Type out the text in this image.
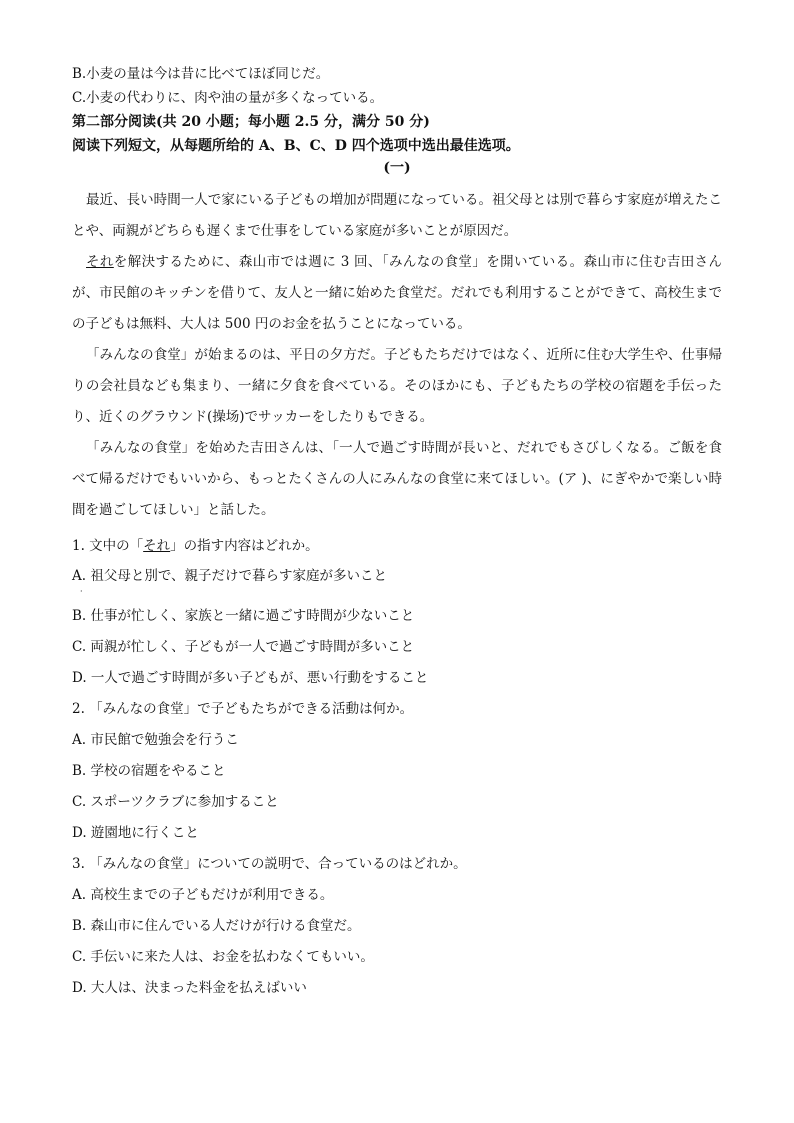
B.小麦の量は今は昔に比べてほぼ同じだ。
C.小麦の代わりに、肉や油の量が多くなっている。
第二部分阅读(共 20 小题；每小题 2.5 分，满分 50 分)
阅读下列短文，从每题所给的 A、B、C、D 四个选项中选出最佳选项。
(一)

最近、長い時間一人で家にいる子どもの増加が問題になっている。祖父母とは別で暮らす家庭が増えたことや、両親がどちらも遅くまで仕事をしている家庭が多いことが原因だ。

それを解決するために、森山市では週に 3 回、「みんなの食堂」を開いている。森山市に住む吉田さんが、市民館のキッチンを借りて、友人と一緒に始めた食堂だ。だれでも利用することができて、高校生までの子どもは無料、大人は 500 円のお金を払うことになっている。

「みんなの食堂」が始まるのは、平日の夕方だ。子どもたちだけではなく、近所に住む大学生や、仕事帰りの会社員なども集まり、一緒に夕食を食べている。そのほかにも、子どもたちの学校の宿題を手伝ったり、近くのグラウンド(操场)でサッカーをしたりもできる。

「みんなの食堂」を始めた吉田さんは、「一人で過ごす時間が長いと、だれでもさびしくなる。ご飯を食べて帰るだけでもいいから、もっとたくさんの人にみんなの食堂に来てほしい。(ア )、にぎやかで楽しい時間を過ごしてほしい」と話した。

1. 文中の「それ」の指す内容はどれか。
A. 祖父母と別で、親子だけで暮らす家庭が多いこと
·
B. 仕事が忙しく、家族と一緒に過ごす時間が少ないこと
C. 両親が忙しく、子どもが一人で過ごす時間が多いこと
D. 一人で過ごす時間が多い子どもが、悪い行動をすること
2. 「みんなの食堂」で子どもたちができる活動は何か。
A. 市民館で勉強会を行うこ
B. 学校の宿題をやること
C. スポーツクラブに参加すること
D. 遊園地に行くこと
3. 「みんなの食堂」についての説明で、合っているのはどれか。
A. 高校生までの子どもだけが利用できる。
B. 森山市に住んでいる人だけが行ける食堂だ。
C. 手伝いに来た人は、お金を払わなくてもいい。
D. 大人は、決まった料金を払えばいい
